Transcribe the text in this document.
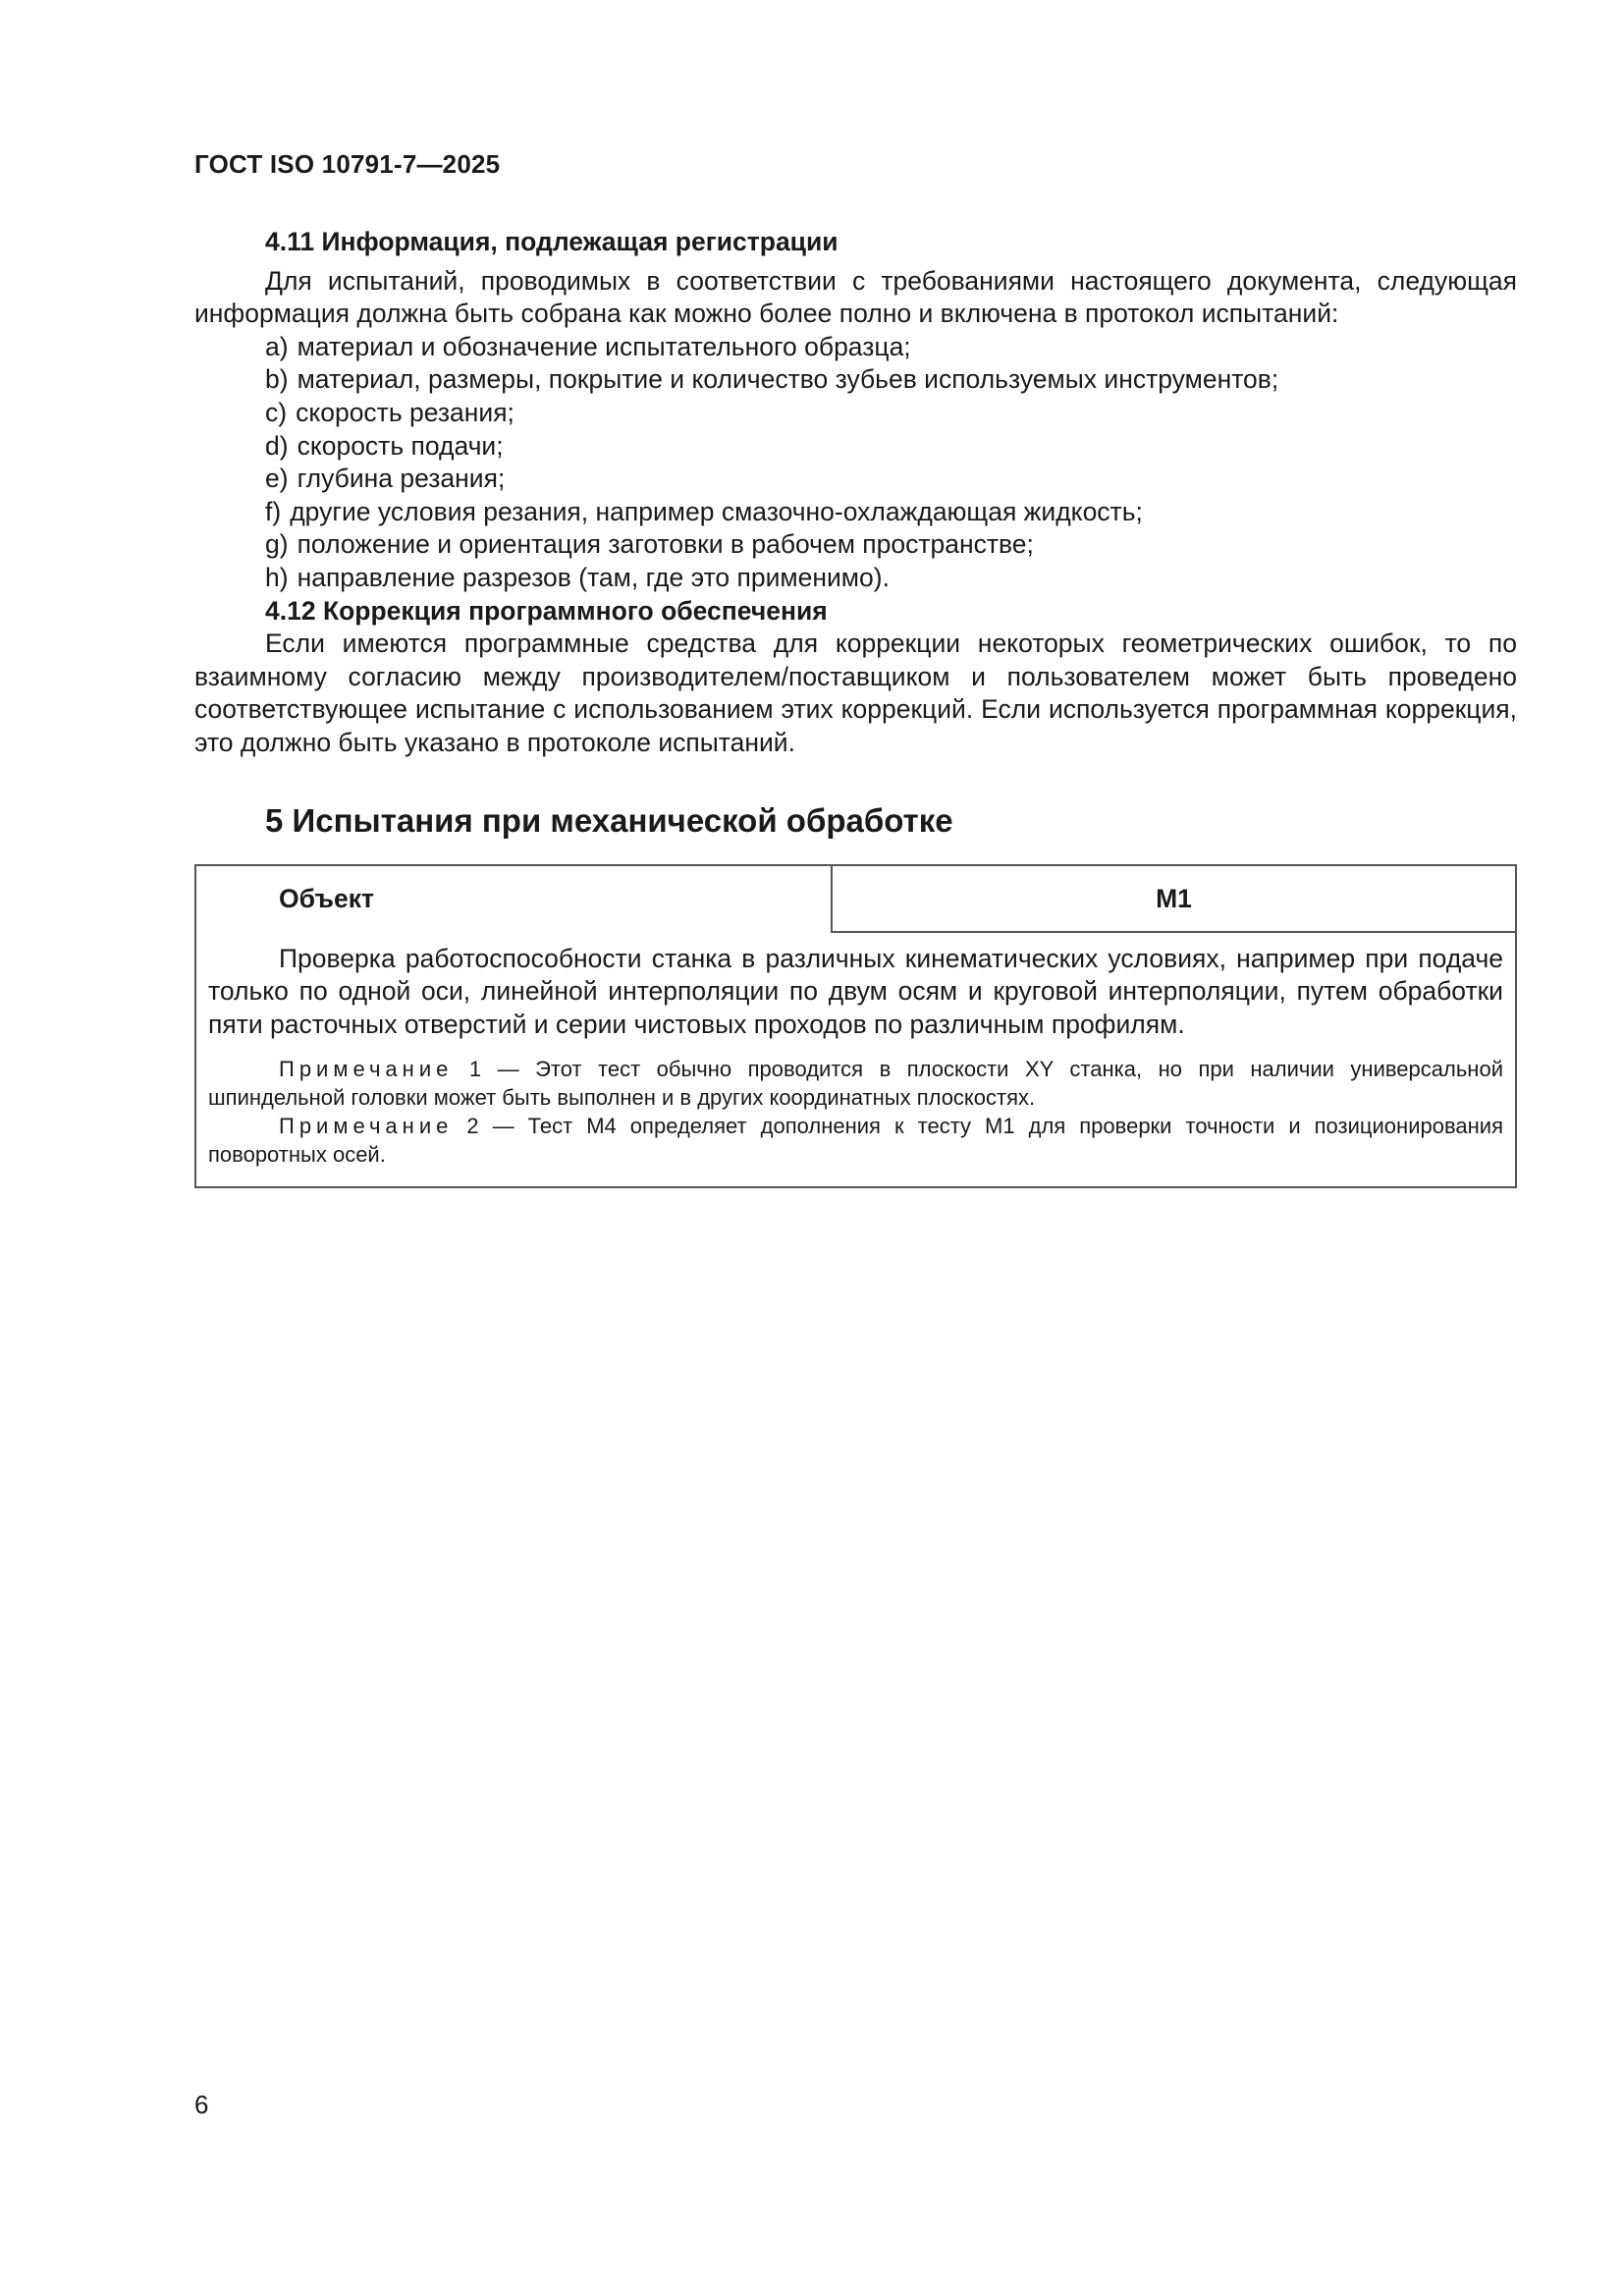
ГОСТ ISO 10791-7—2025
4.11 Информация, подлежащая регистрации

Для испытаний, проводимых в соответствии с требованиями настоящего документа, следующая информация должна быть собрана как можно более полно и включена в протокол испытаний:

a) материал и обозначение испытательного образца;
b) материал, размеры, покрытие и количество зубьев используемых инструментов;
c) скорость резания;
d) скорость подачи;
e) глубина резания;
f) другие условия резания, например смазочно-охлаждающая жидкость;
g) положение и ориентация заготовки в рабочем пространстве;
h) направление разрезов (там, где это применимо).
4.12 Коррекция программного обеспечения

Если имеются программные средства для коррекции некоторых геометрических ошибок, то по взаимному согласию между производителем/поставщиком и пользователем может быть проведено соответствующее испытание с использованием этих коррекций. Если используется программная коррекция, это должно быть указано в протоколе испытаний.

5 Испытания при механической обработке
Объект	M1

Проверка работоспособности станка в различных кинематических условиях, например при подаче только по одной оси, линейной интерполяции по двум осям и круговой интерполяции, путем обработки пяти расточных отверстий и серии чистовых проходов по различным профилям.

Примечание 1 — Этот тест обычно проводится в плоскости XY станка, но при наличии универсальной шпиндельной головки может быть выполнен и в других координатных плоскостях.

Примечание 2 — Тест М4 определяет дополнения к тесту М1 для проверки точности и позиционирования поворотных осей.

6
